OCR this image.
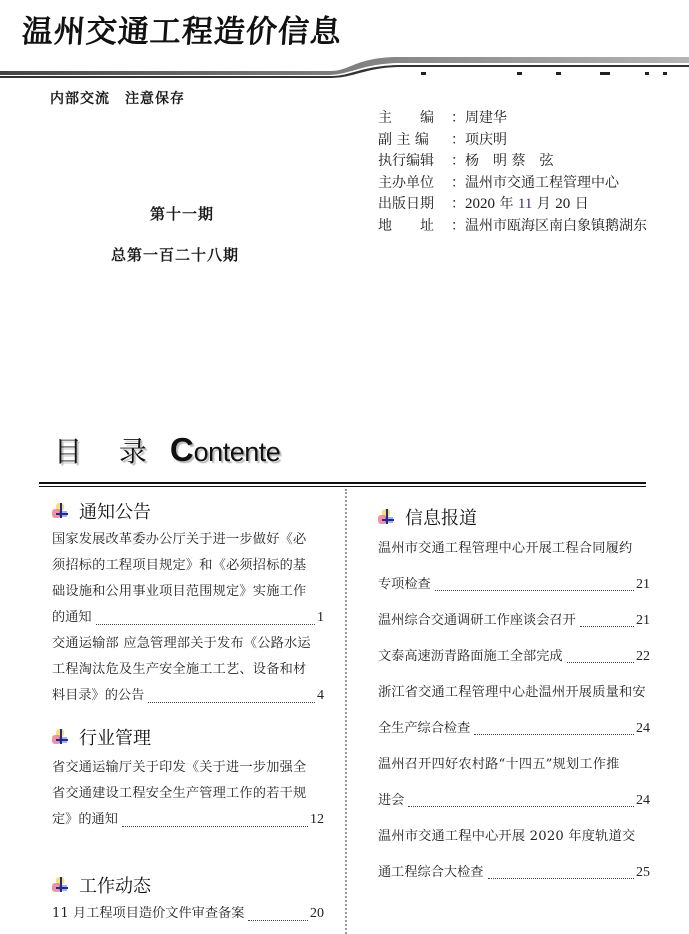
温州交通工程造价信息
内部交流　注意保存
第十一期
总第一百二十八期
主　　编	： 周建华
副 主 编	： 项庆明
执行编辑	： 杨　明 蔡　弦
主办单位	： 温州市交通工程管理中心
出版日期	： 2020 年 11 月 20 日
地　　址	： 温州市瓯海区南白象镇鹅湖东
目 录 Contente
通知公告
国家发展改革委办公厅关于进一步做好《必
须招标的工程项目规定》和《必须招标的基
础设施和公用事业项目范围规定》实施工作
的通知	1
交通运输部 应急管理部关于发布《公路水运
工程淘汰危及生产安全施工工艺、设备和材
料目录》的公告	4
行业管理
省交通运输厅关于印发《关于进一步加强全
省交通建设工程安全生产管理工作的若干规
定》的通知	12
工作动态
11 月工程项目造价文件审查备案	20
信息报道
温州市交通工程管理中心开展工程合同履约
专项检查	21
温州综合交通调研工作座谈会召开	21
文泰高速沥青路面施工全部完成	22
浙江省交通工程管理中心赴温州开展质量和安
全生产综合检查	24
温州召开四好农村路“十四五”规划工作推
进会	24
温州市交通工程中心开展 2020 年度轨道交
通工程综合大检查	25
